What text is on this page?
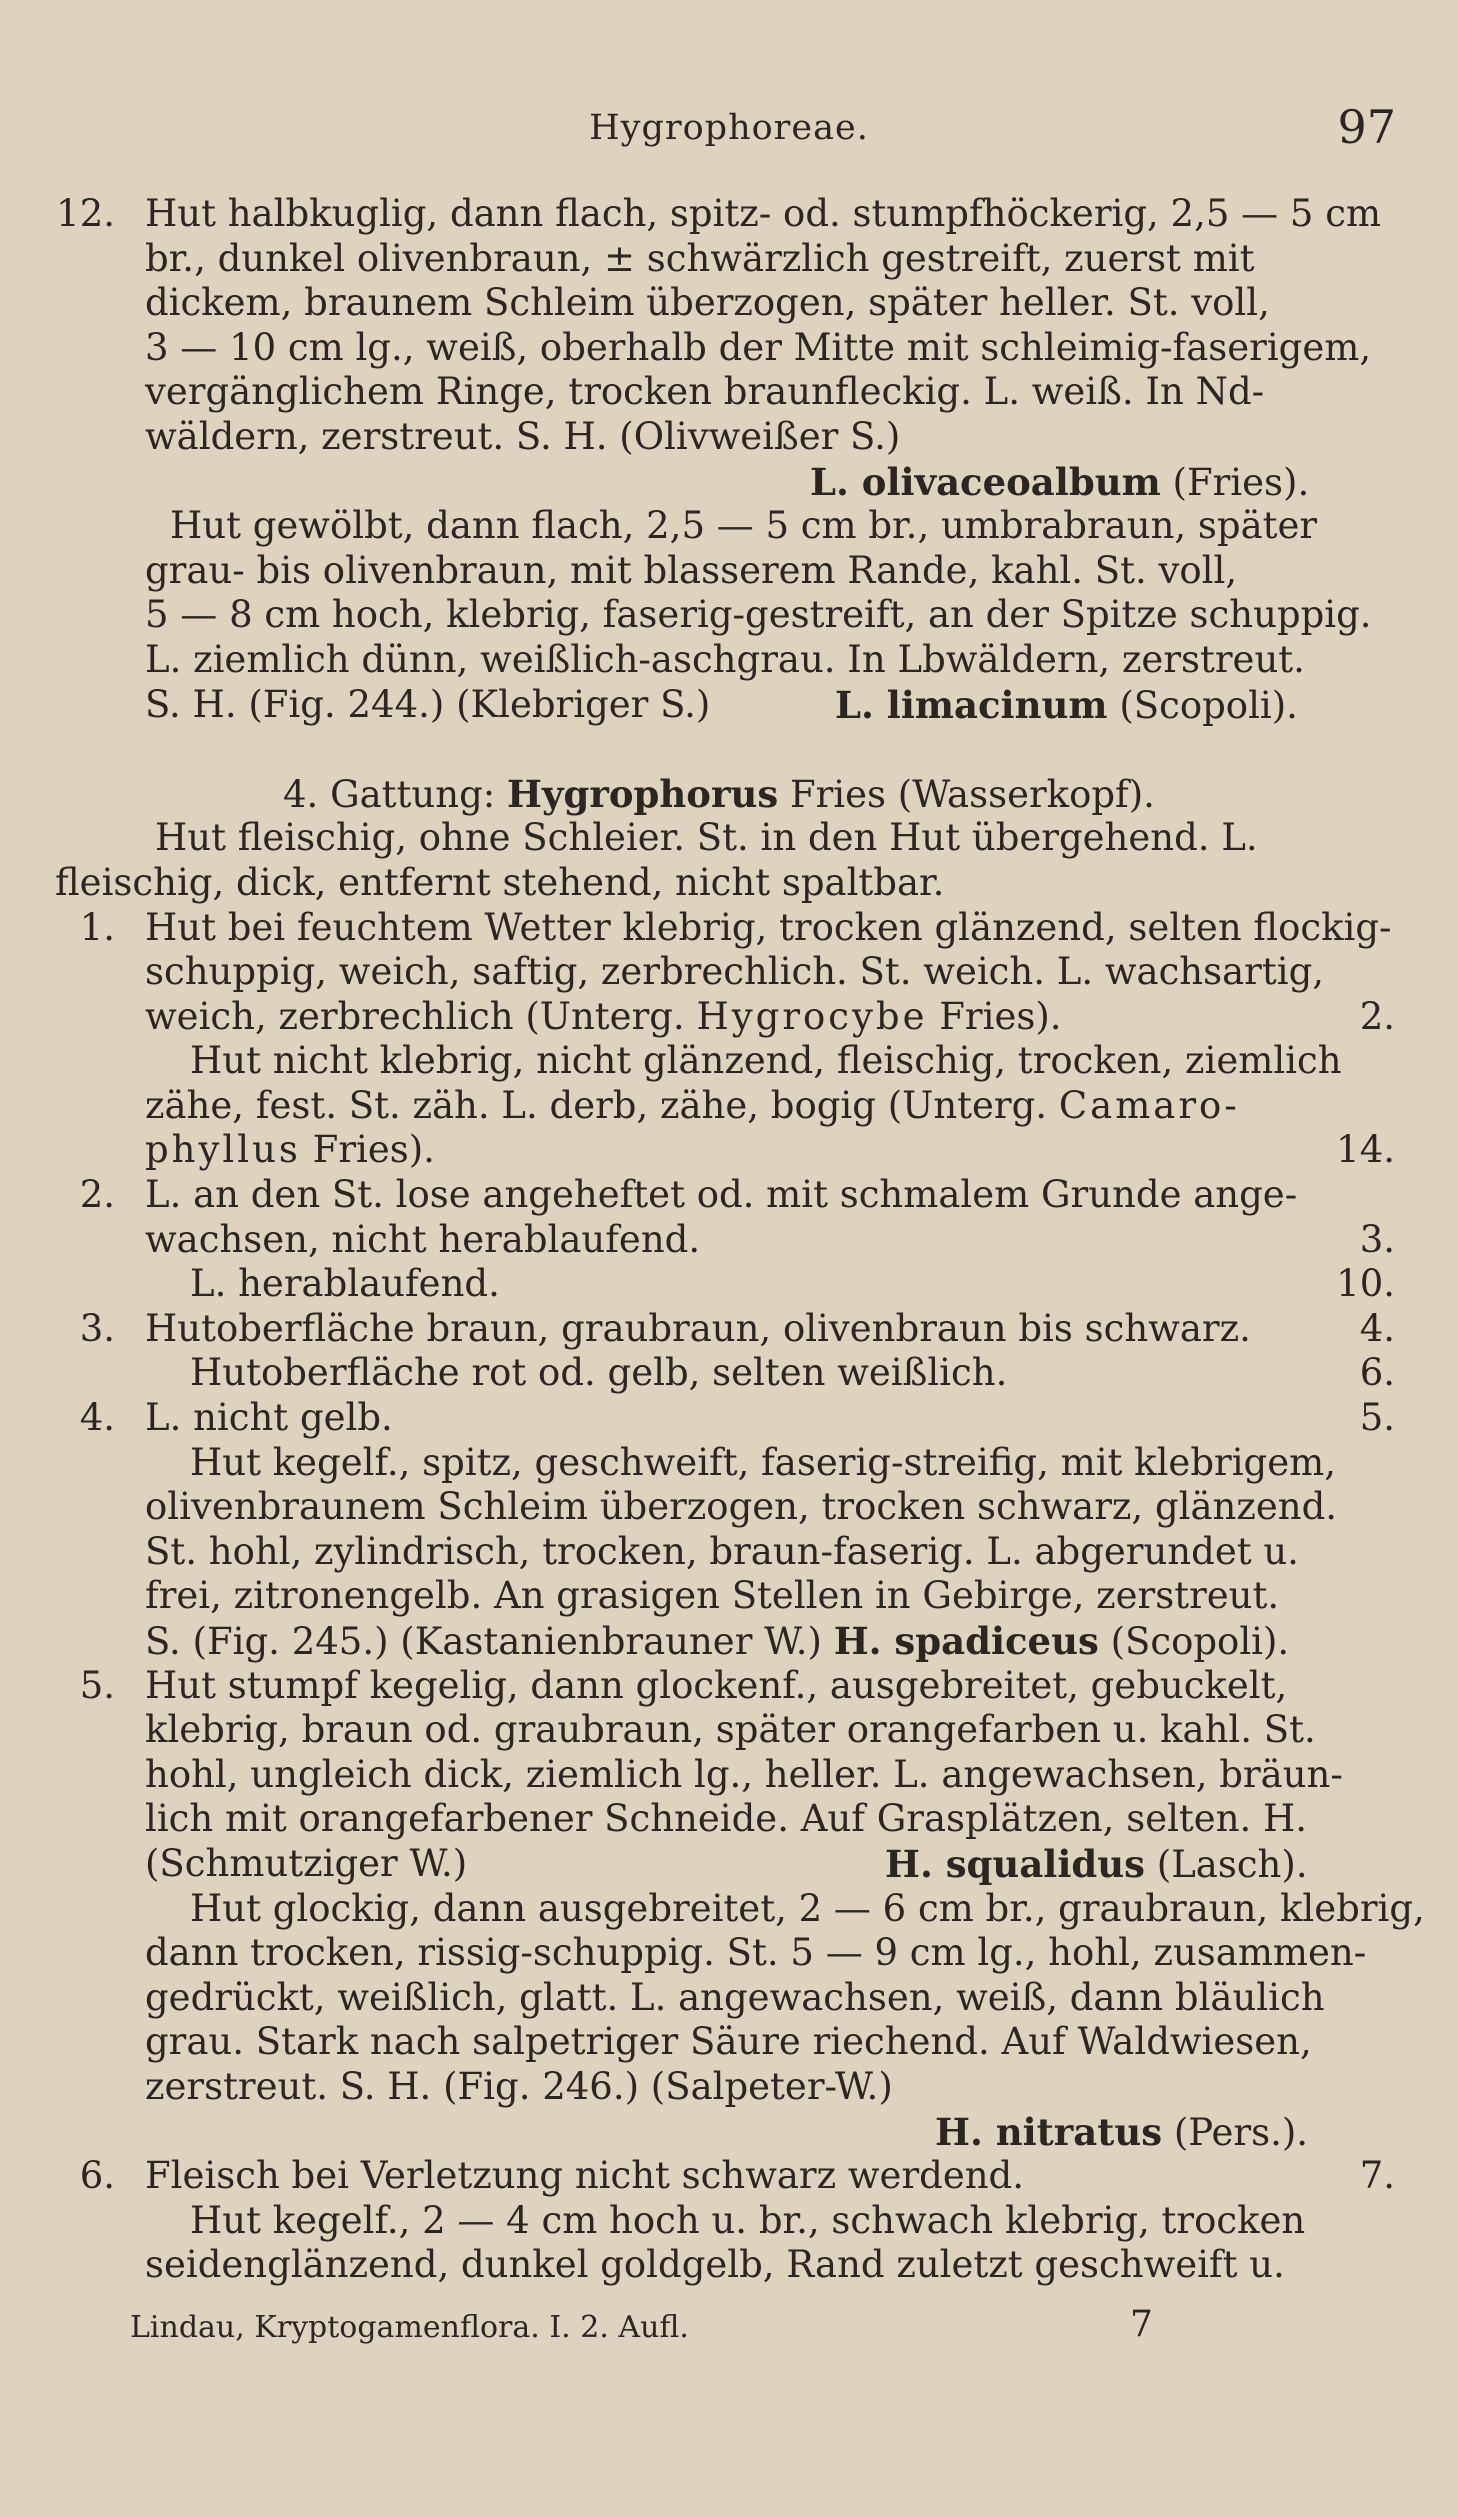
Hygrophoreae.	97
12. Hut halbkuglig, dann flach, spitz- od. stumpfhöckerig, 2,5 — 5 cm
br., dunkel olivenbraun, ± schwärzlich gestreift, zuerst mit
dickem, braunem Schleim überzogen, später heller. St. voll,
3 — 10 cm lg., weiß, oberhalb der Mitte mit schleimig-faserigem,
vergänglichem Ringe, trocken braunfleckig. L. weiß. In Nd-
wäldern, zerstreut. S. H. (Olivweißer S.)
L. olivaceoalbum (Fries).
Hut gewölbt, dann flach, 2,5 — 5 cm br., umbrabraun, später
grau- bis olivenbraun, mit blasserem Rande, kahl. St. voll,
5 — 8 cm hoch, klebrig, faserig-gestreift, an der Spitze schuppig.
L. ziemlich dünn, weißlich-aschgrau. In Lbwäldern, zerstreut.
S. H. (Fig. 244.) (Klebriger S.)	L. limacinum (Scopoli).
4. Gattung: Hygrophorus Fries (Wasserkopf).
Hut fleischig, ohne Schleier. St. in den Hut übergehend. L.
fleischig, dick, entfernt stehend, nicht spaltbar.
1. Hut bei feuchtem Wetter klebrig, trocken glänzend, selten flockig-
schuppig, weich, saftig, zerbrechlich. St. weich. L. wachsartig,
weich, zerbrechlich (Unterg. Hygrocybe Fries).	2.
Hut nicht klebrig, nicht glänzend, fleischig, trocken, ziemlich
zähe, fest. St. zäh. L. derb, zähe, bogig (Unterg. Camaro-
phyllus Fries).	14.
2. L. an den St. lose angeheftet od. mit schmalem Grunde ange-
wachsen, nicht herablaufend.	3.
L. herablaufend.	10.
3. Hutoberfläche braun, graubraun, olivenbraun bis schwarz.	4.
Hutoberfläche rot od. gelb, selten weißlich.	6.
4. L. nicht gelb.	5.
Hut kegelf., spitz, geschweift, faserig-streifig, mit klebrigem,
olivenbraunem Schleim überzogen, trocken schwarz, glänzend.
St. hohl, zylindrisch, trocken, braun-faserig. L. abgerundet u.
frei, zitronengelb. An grasigen Stellen in Gebirge, zerstreut.
S. (Fig. 245.) (Kastanienbrauner W.) H. spadiceus (Scopoli).
5. Hut stumpf kegelig, dann glockenf., ausgebreitet, gebuckelt,
klebrig, braun od. graubraun, später orangefarben u. kahl. St.
hohl, ungleich dick, ziemlich lg., heller. L. angewachsen, bräun-
lich mit orangefarbener Schneide. Auf Grasplätzen, selten. H.
(Schmutziger W.)	H. squalidus (Lasch).
Hut glockig, dann ausgebreitet, 2 — 6 cm br., graubraun, klebrig,
dann trocken, rissig-schuppig. St. 5 — 9 cm lg., hohl, zusammen-
gedrückt, weißlich, glatt. L. angewachsen, weiß, dann bläulich
grau. Stark nach salpetriger Säure riechend. Auf Waldwiesen,
zerstreut. S. H. (Fig. 246.) (Salpeter-W.)
H. nitratus (Pers.).
6. Fleisch bei Verletzung nicht schwarz werdend.	7.
Hut kegelf., 2 — 4 cm hoch u. br., schwach klebrig, trocken
seidenglänzend, dunkel goldgelb, Rand zuletzt geschweift u.
Lindau, Kryptogamenflora. I. 2. Aufl.	7
